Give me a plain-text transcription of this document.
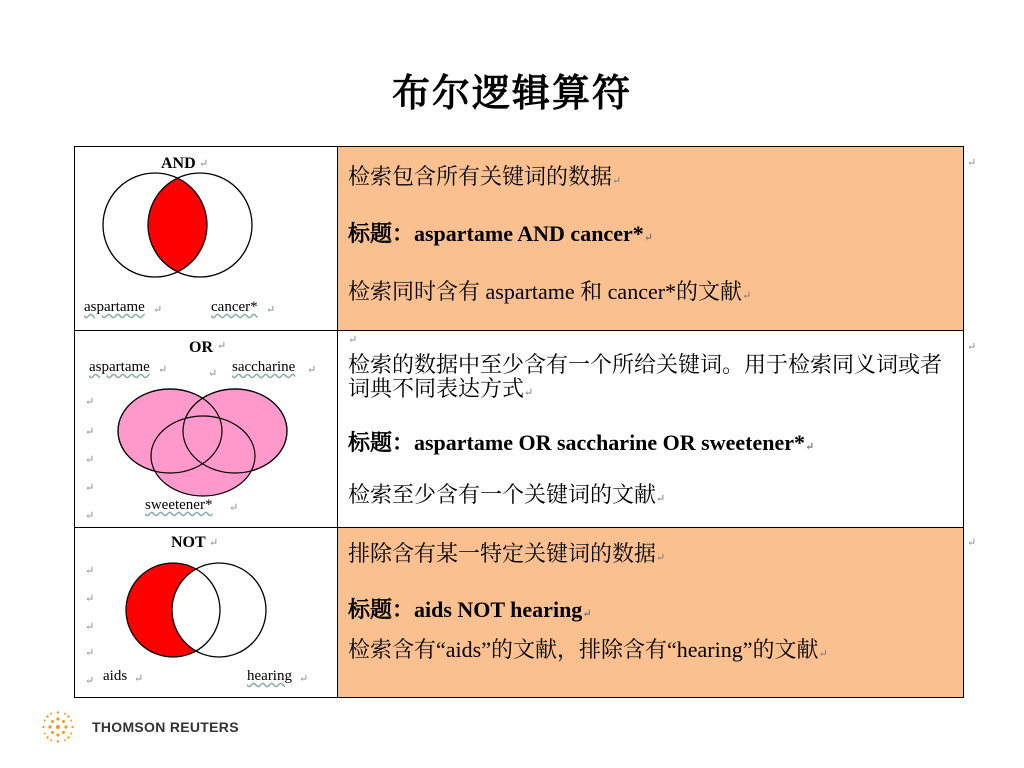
布尔逻辑算符
AND ↵
aspartame ↵	cancer* ↵
检索包含所有关键词的数据↵
标题：aspartame AND cancer*↵
检索同时含有 aspartame 和 cancer*的文献↵
OR ↵
aspartame ↵	↵ saccharine ↵
↵
↵
↵
↵
↵
sweetener* ↵
↵
检索的数据中至少含有一个所给关键词。用于检索同义词或者词典不同表达方式↵
标题：aspartame OR saccharine OR sweetener*↵
检索至少含有一个关键词的文献↵
NOT ↵
↵
↵
↵
↵
↵ aids ↵	hearing ↵
排除含有某一特定关键词的数据↵
标题：aids NOT hearing↵
检索含有“aids”的文献，排除含有“hearing”的文献↵
↵
↵
↵
THOMSON REUTERS
